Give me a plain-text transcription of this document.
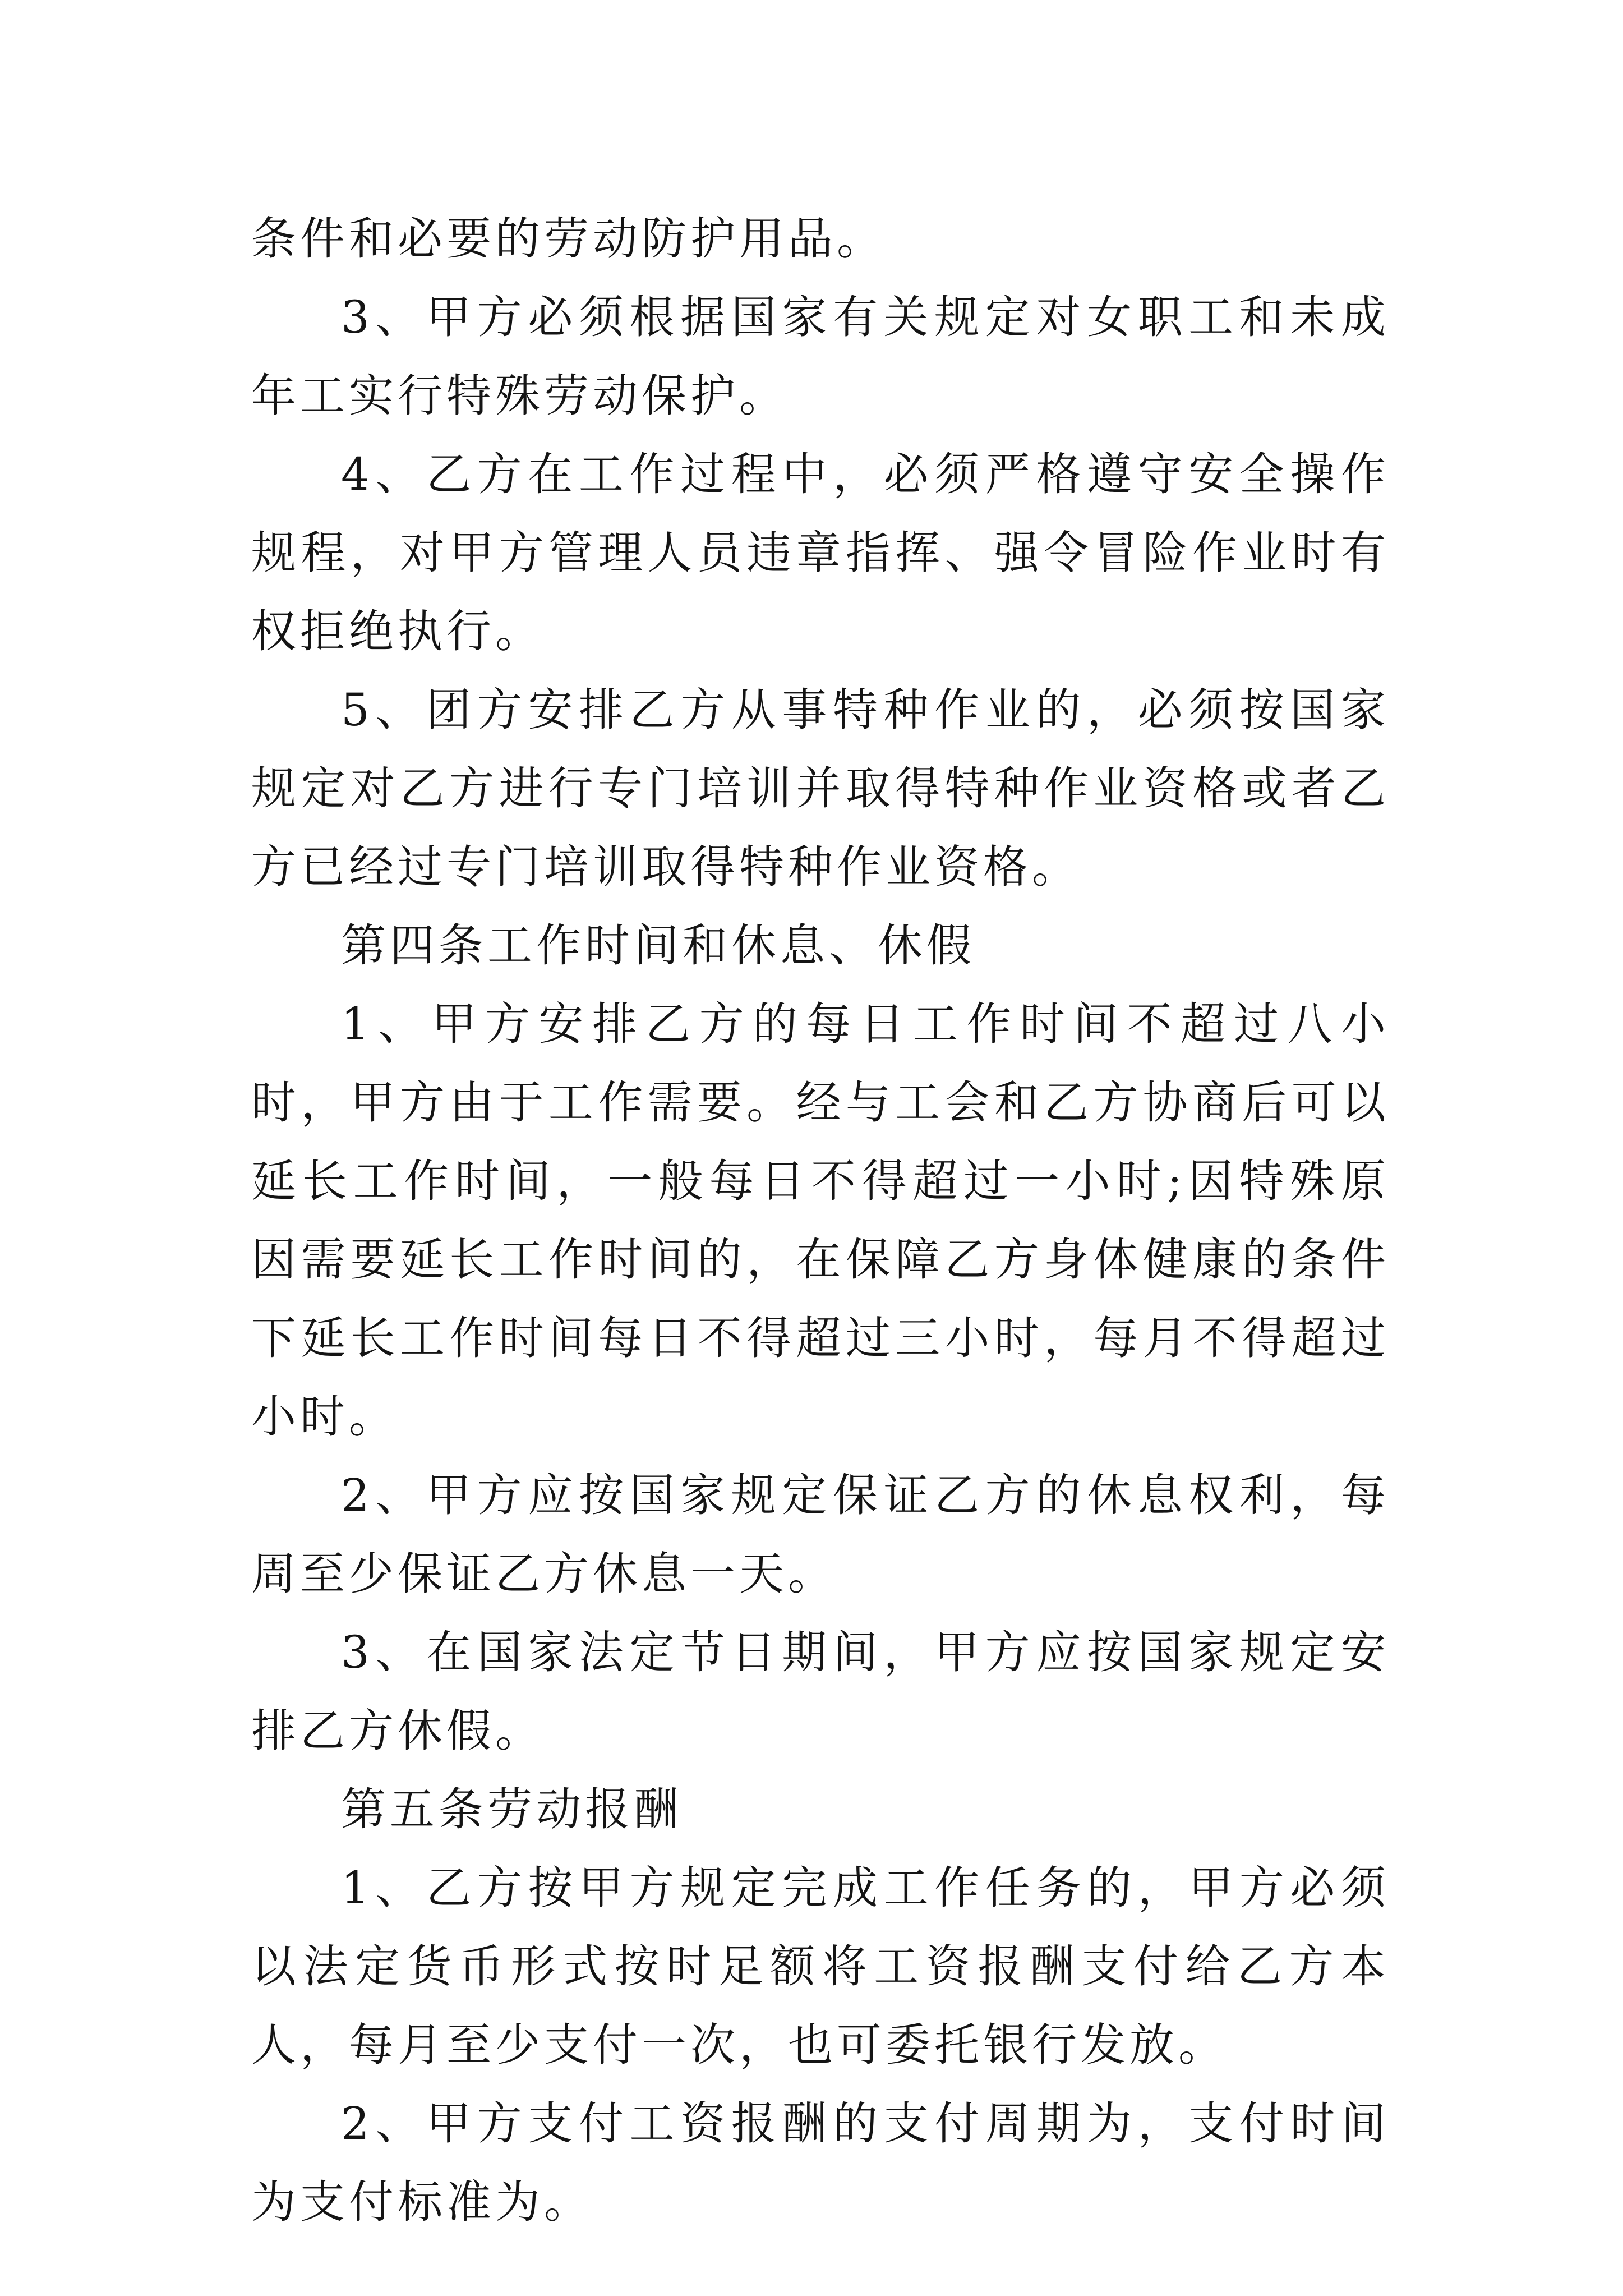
条件和必要的劳动防护用品。

3、甲方必须根据国家有关规定对女职工和未成年工实行特殊劳动保护。

4、乙方在工作过程中，必须严格遵守安全操作规程，对甲方管理人员违章指挥、强令冒险作业时有权拒绝执行。

5、团方安排乙方从事特种作业的，必须按国家规定对乙方进行专门培训并取得特种作业资格或者乙方已经过专门培训取得特种作业资格。

第四条工作时间和休息、休假

1、甲方安排乙方的每日工作时间不超过八小时，甲方由于工作需要。经与工会和乙方协商后可以延长工作时间，一般每日不得超过一小时;因特殊原因需要延长工作时间的，在保障乙方身体健康的条件下延长工作时间每日不得超过三小时，每月不得超过 小时。

2、甲方应按国家规定保证乙方的休息权利，每周至少保证乙方休息一天。

3、在国家法定节日期间，甲方应按国家规定安排乙方休假。

第五条劳动报酬

1、乙方按甲方规定完成工作任务的，甲方必须以法定货币形式按时足额将工资报酬支付给乙方本人，每月至少支付一次，也可委托银行发放。

2、甲方支付工资报酬的支付周期为，支付时间为支付标准为。
